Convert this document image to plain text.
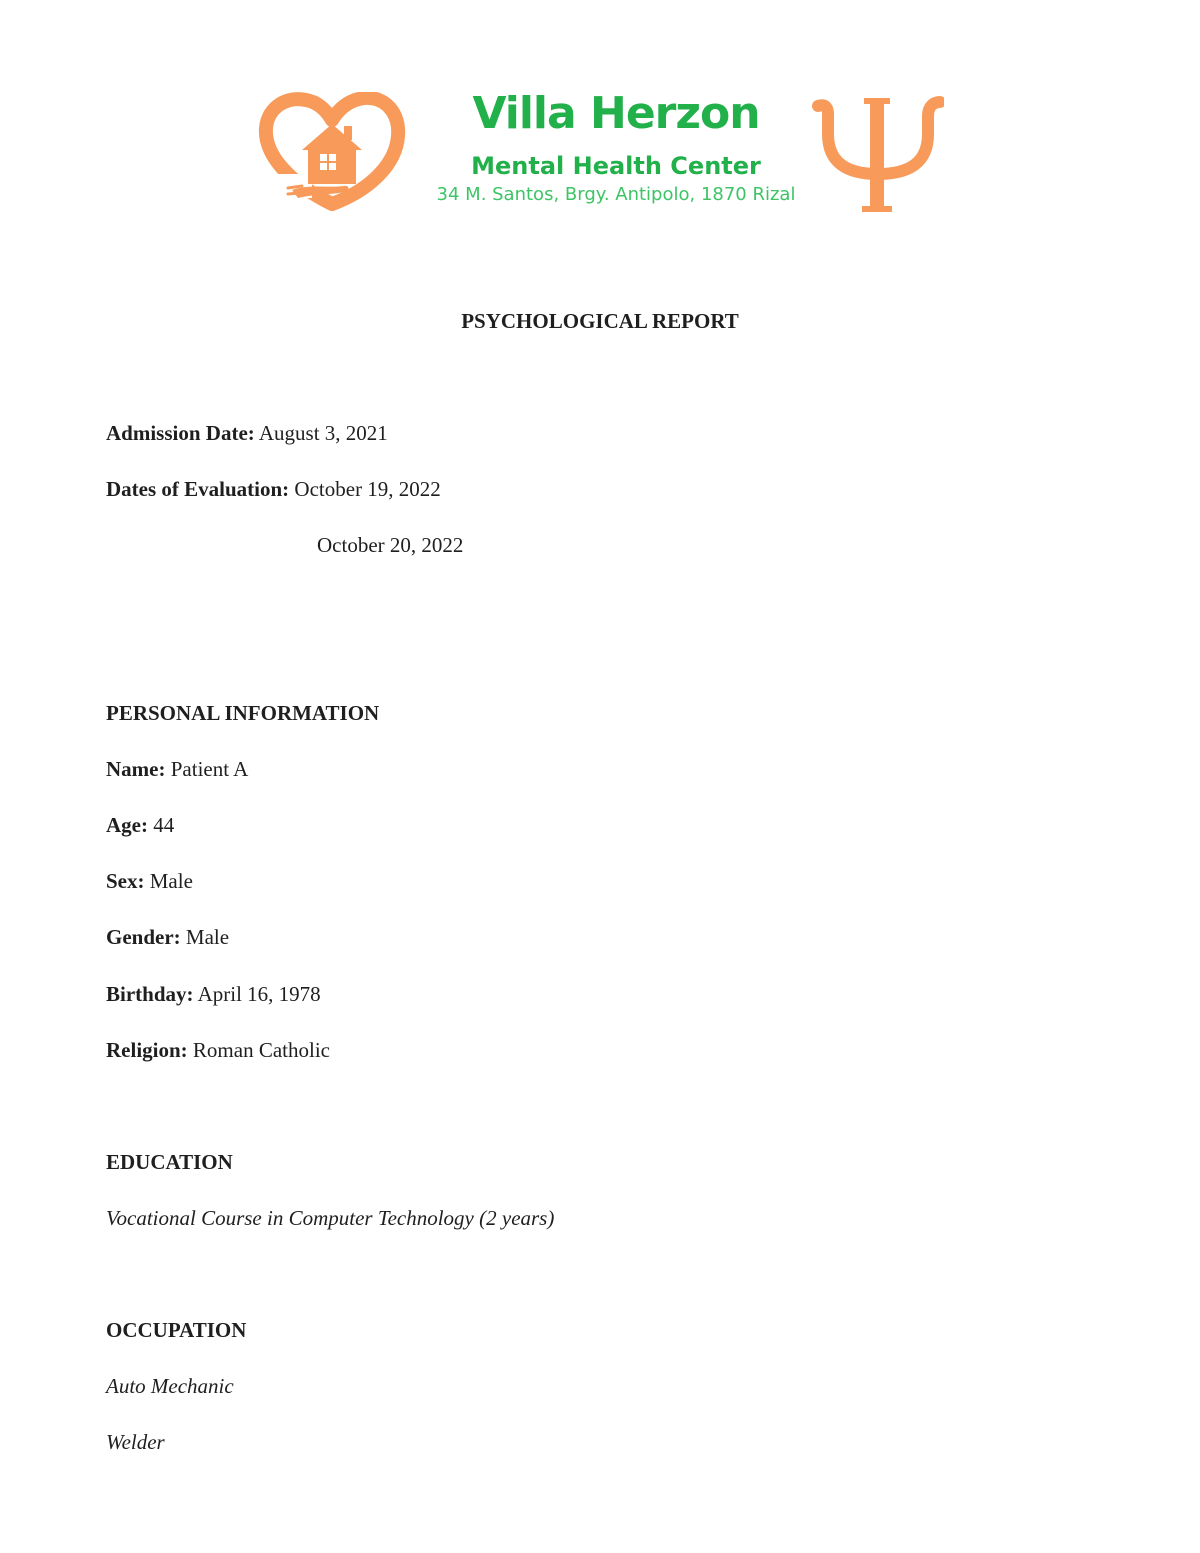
Villa Herzon
Mental Health Center
34 M. Santos, Brgy. Antipolo, 1870 Rizal
PSYCHOLOGICAL REPORT
Admission Date: August 3, 2021
Dates of Evaluation: October 19, 2022
October 20, 2022
PERSONAL INFORMATION
Name: Patient A
Age: 44
Sex: Male
Gender: Male
Birthday: April 16, 1978
Religion: Roman Catholic
EDUCATION
Vocational Course in Computer Technology (2 years)
OCCUPATION
Auto Mechanic
Welder
